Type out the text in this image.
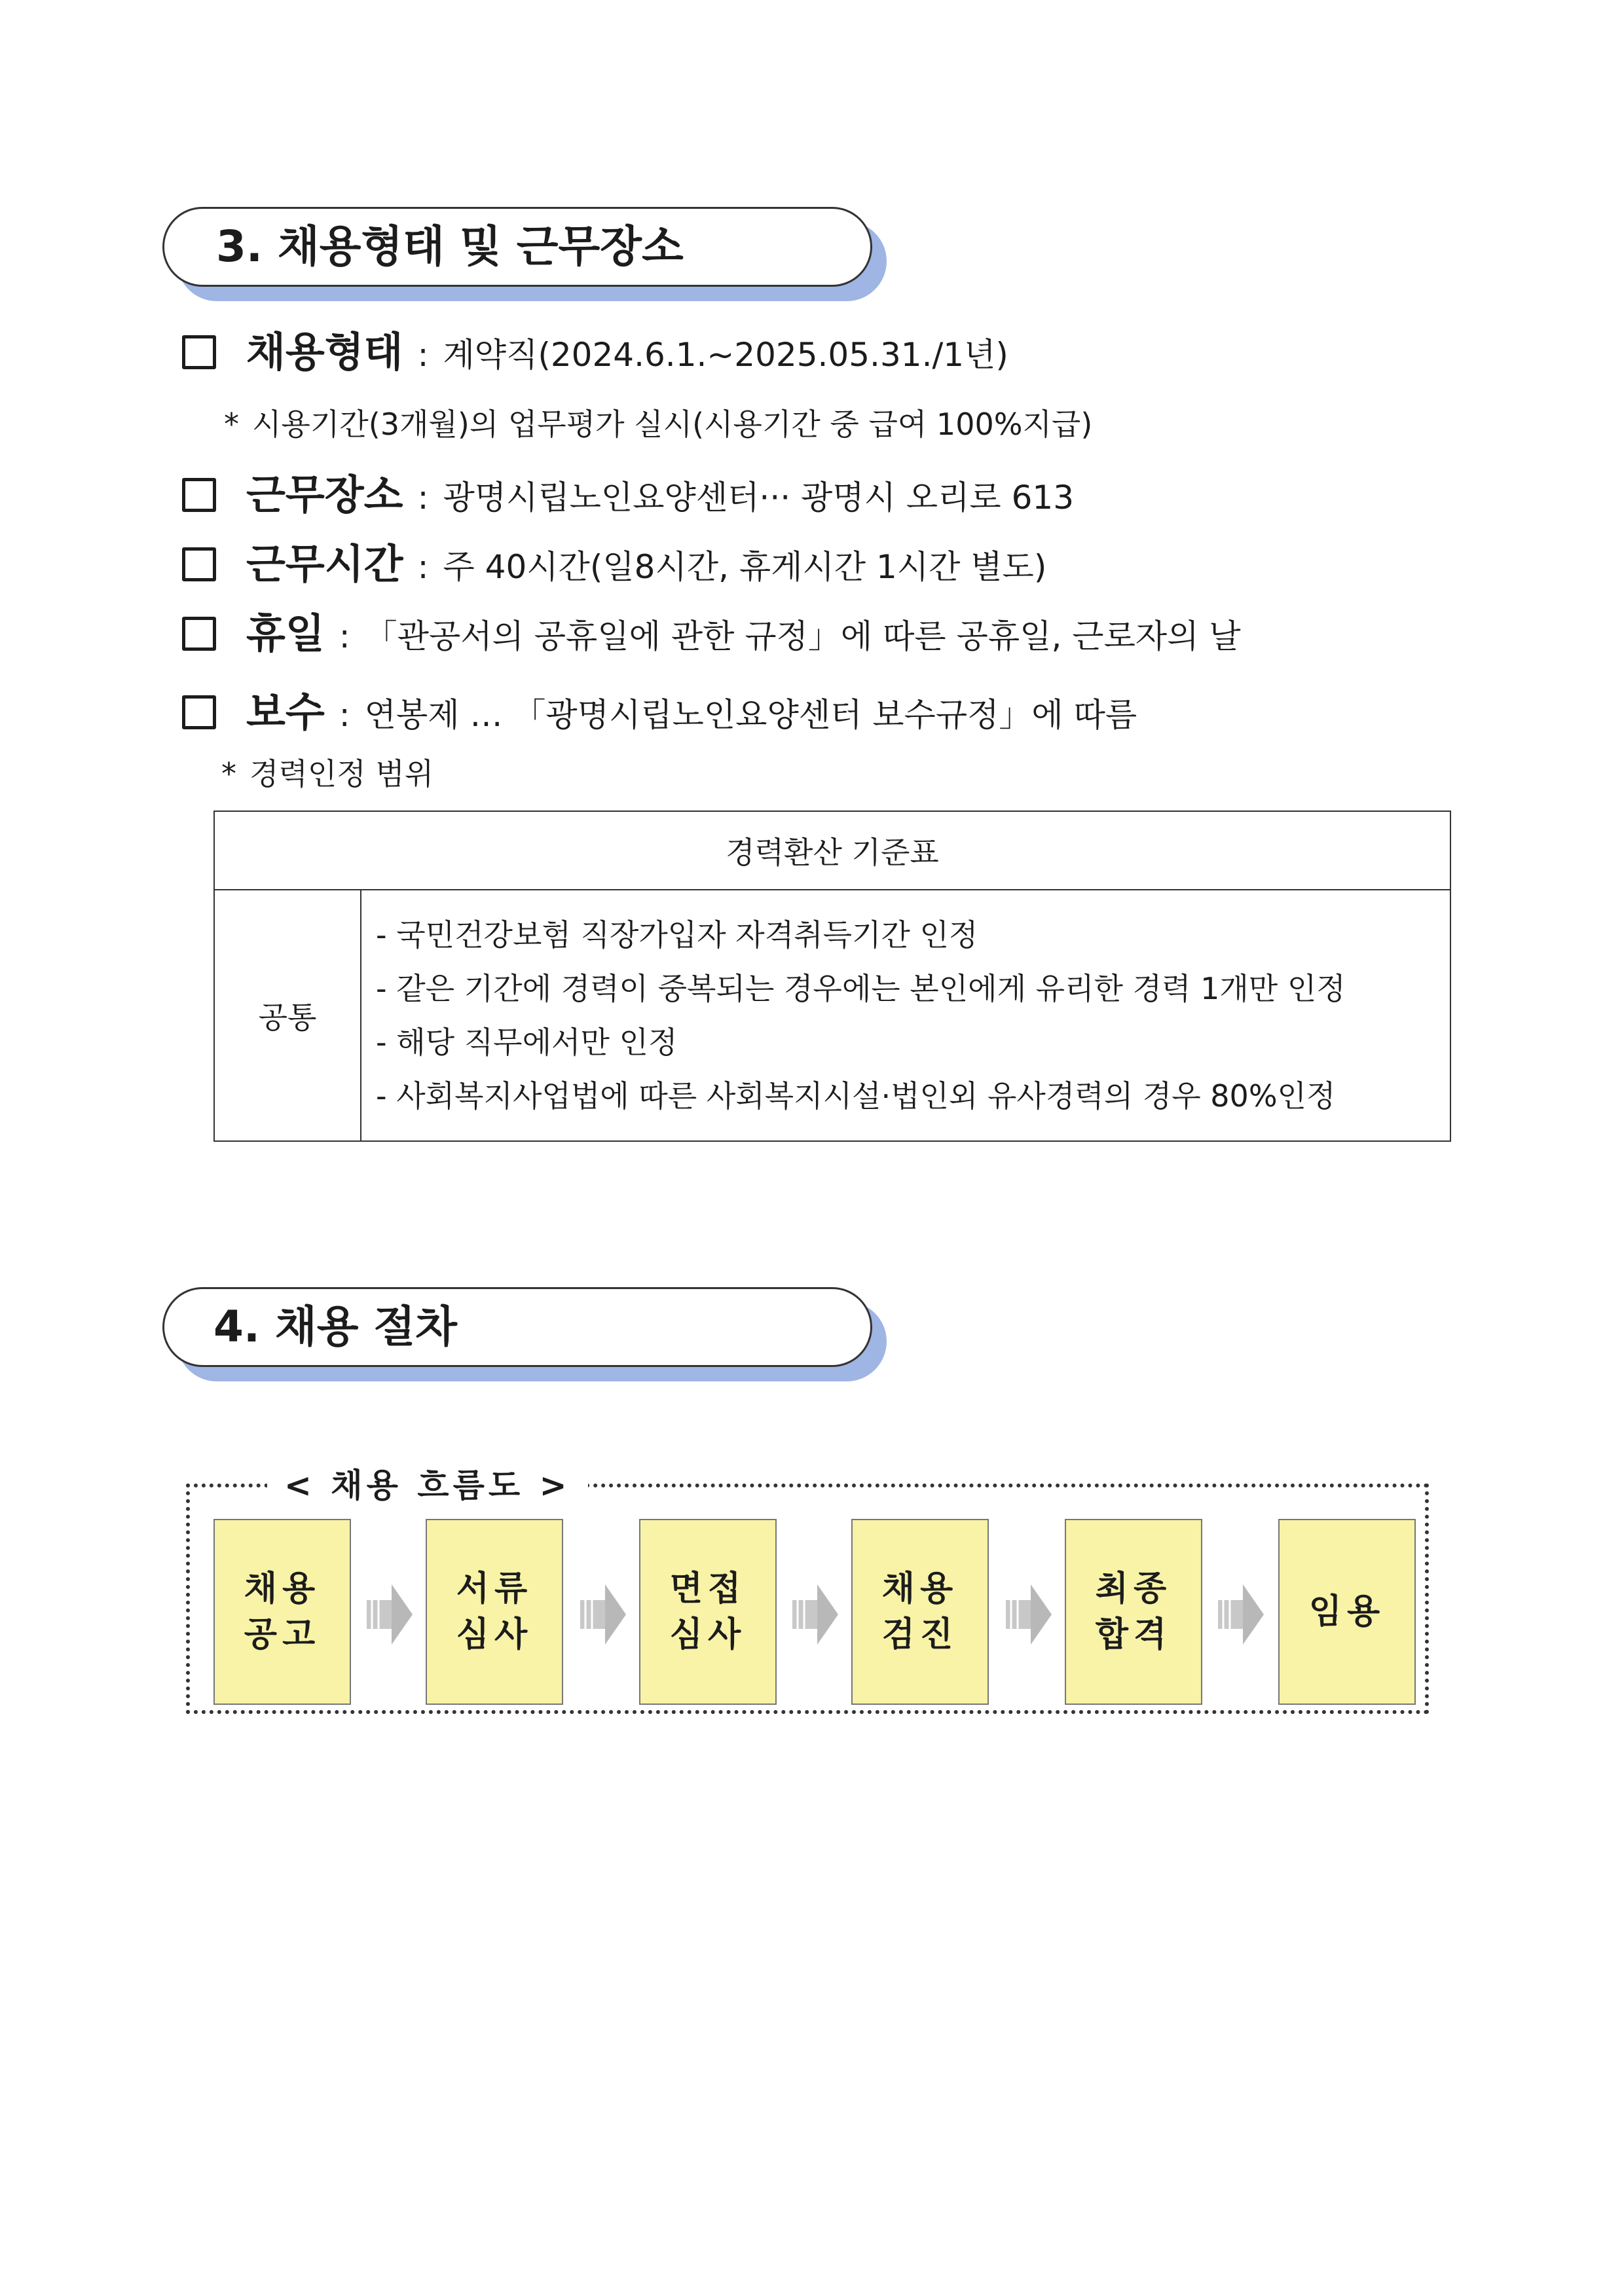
3. 채용형태 및 근무장소
채용형태 : 계약직(2024.6.1.~2025.05.31./1년)
* 시용기간(3개월)의 업무평가 실시(시용기간 중 급여 100%지급)
근무장소 : 광명시립노인요양센터··· 광명시 오리로 613
근무시간 : 주 40시간(일8시간, 휴게시간 1시간 별도)
휴일 : 「관공서의 공휴일에 관한 규정」에 따른 공휴일, 근로자의 날
보수 : 연봉제 … 「광명시립노인요양센터 보수규정」에 따름
* 경력인정 범위
경력환산 기준표
공통	
- 국민건강보험 직장가입자 자격취득기간 인정
- 같은 기간에 경력이 중복되는 경우에는 본인에게 유리한 경력 1개만 인정
- 해당 직무에서만 인정
- 사회복지사업법에 따른 사회복지시설·법인외 유사경력의 경우 80%인정
4. 채용 절차
< 채용 흐름도 >
채용
공고
서류
심사
면접
심사
채용
검진
최종
합격
임용
